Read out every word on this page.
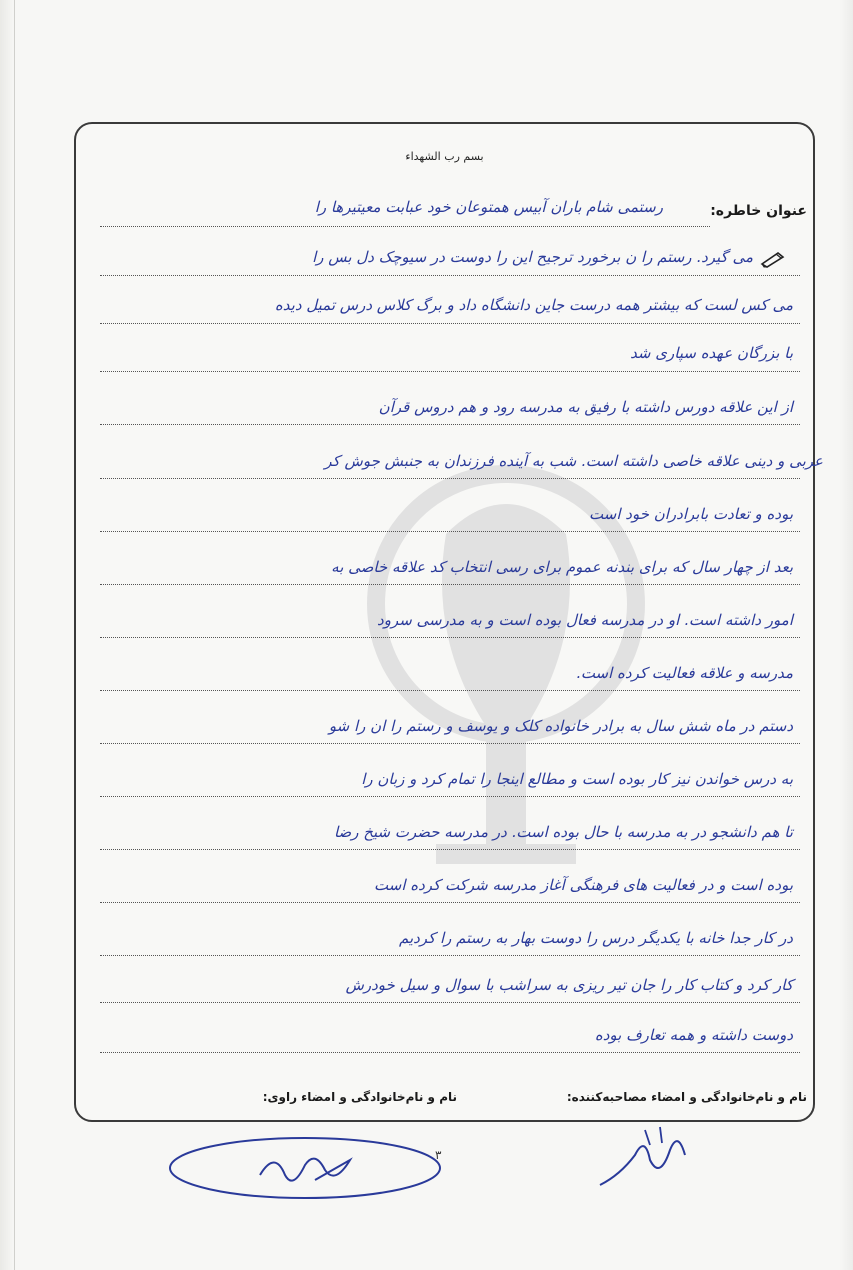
بسم رب الشهداء
عنوان خاطره:
رستمی شام باران آبیس همتوعان خود عبابت معیتیرها را
می گیرد. رستم را ن برخورد ترجیح این را دوست در سیوچک دل بس را
می کس لست که بیشتر همه درست جاین دانشگاه داد و برگ کلاس درس تمیل دیده
با بزرگان عهده سپاری شد
از این علاقه دورس داشته با رفیق به مدرسه رود و هم دروس قرآن
عربی و دینی علاقه خاصی داشته است. شب به آینده فرزندان به جنبش جوش کر
بوده و تعادت بابرادران خود است
بعد از چهار سال که برای بندنه عموم برای رسی انتخاب کد علاقه خاصی به
امور داشته است. او در مدرسه فعال بوده است و به مدرسی سرود
مدرسه و علاقه فعالیت کرده است.
دستم در ماه شش سال به برادر خانواده کلک و یوسف و رستم را ان را شو
به درس خواندن نیز کار بوده است و مطالع اینجا را تمام کرد و زبان را
تا هم دانشجو در به مدرسه با حال بوده است. در مدرسه حضرت شیخ رضا
بوده است و در فعالیت های فرهنگی آغاز مدرسه شرکت کرده است
در کار جدا خانه با یکدیگر درس را دوست بهار به رستم را کردیم
کار کرد و کتاب کار را جان تیر ریزی به سراشب با سوال و سیل خودرش
دوست داشته و همه تعارف بوده
نام و نام‌خانوادگی و امضاء مصاحبه‌کننده:
نام و نام‌خانوادگی و امضاء راوی:
۳
